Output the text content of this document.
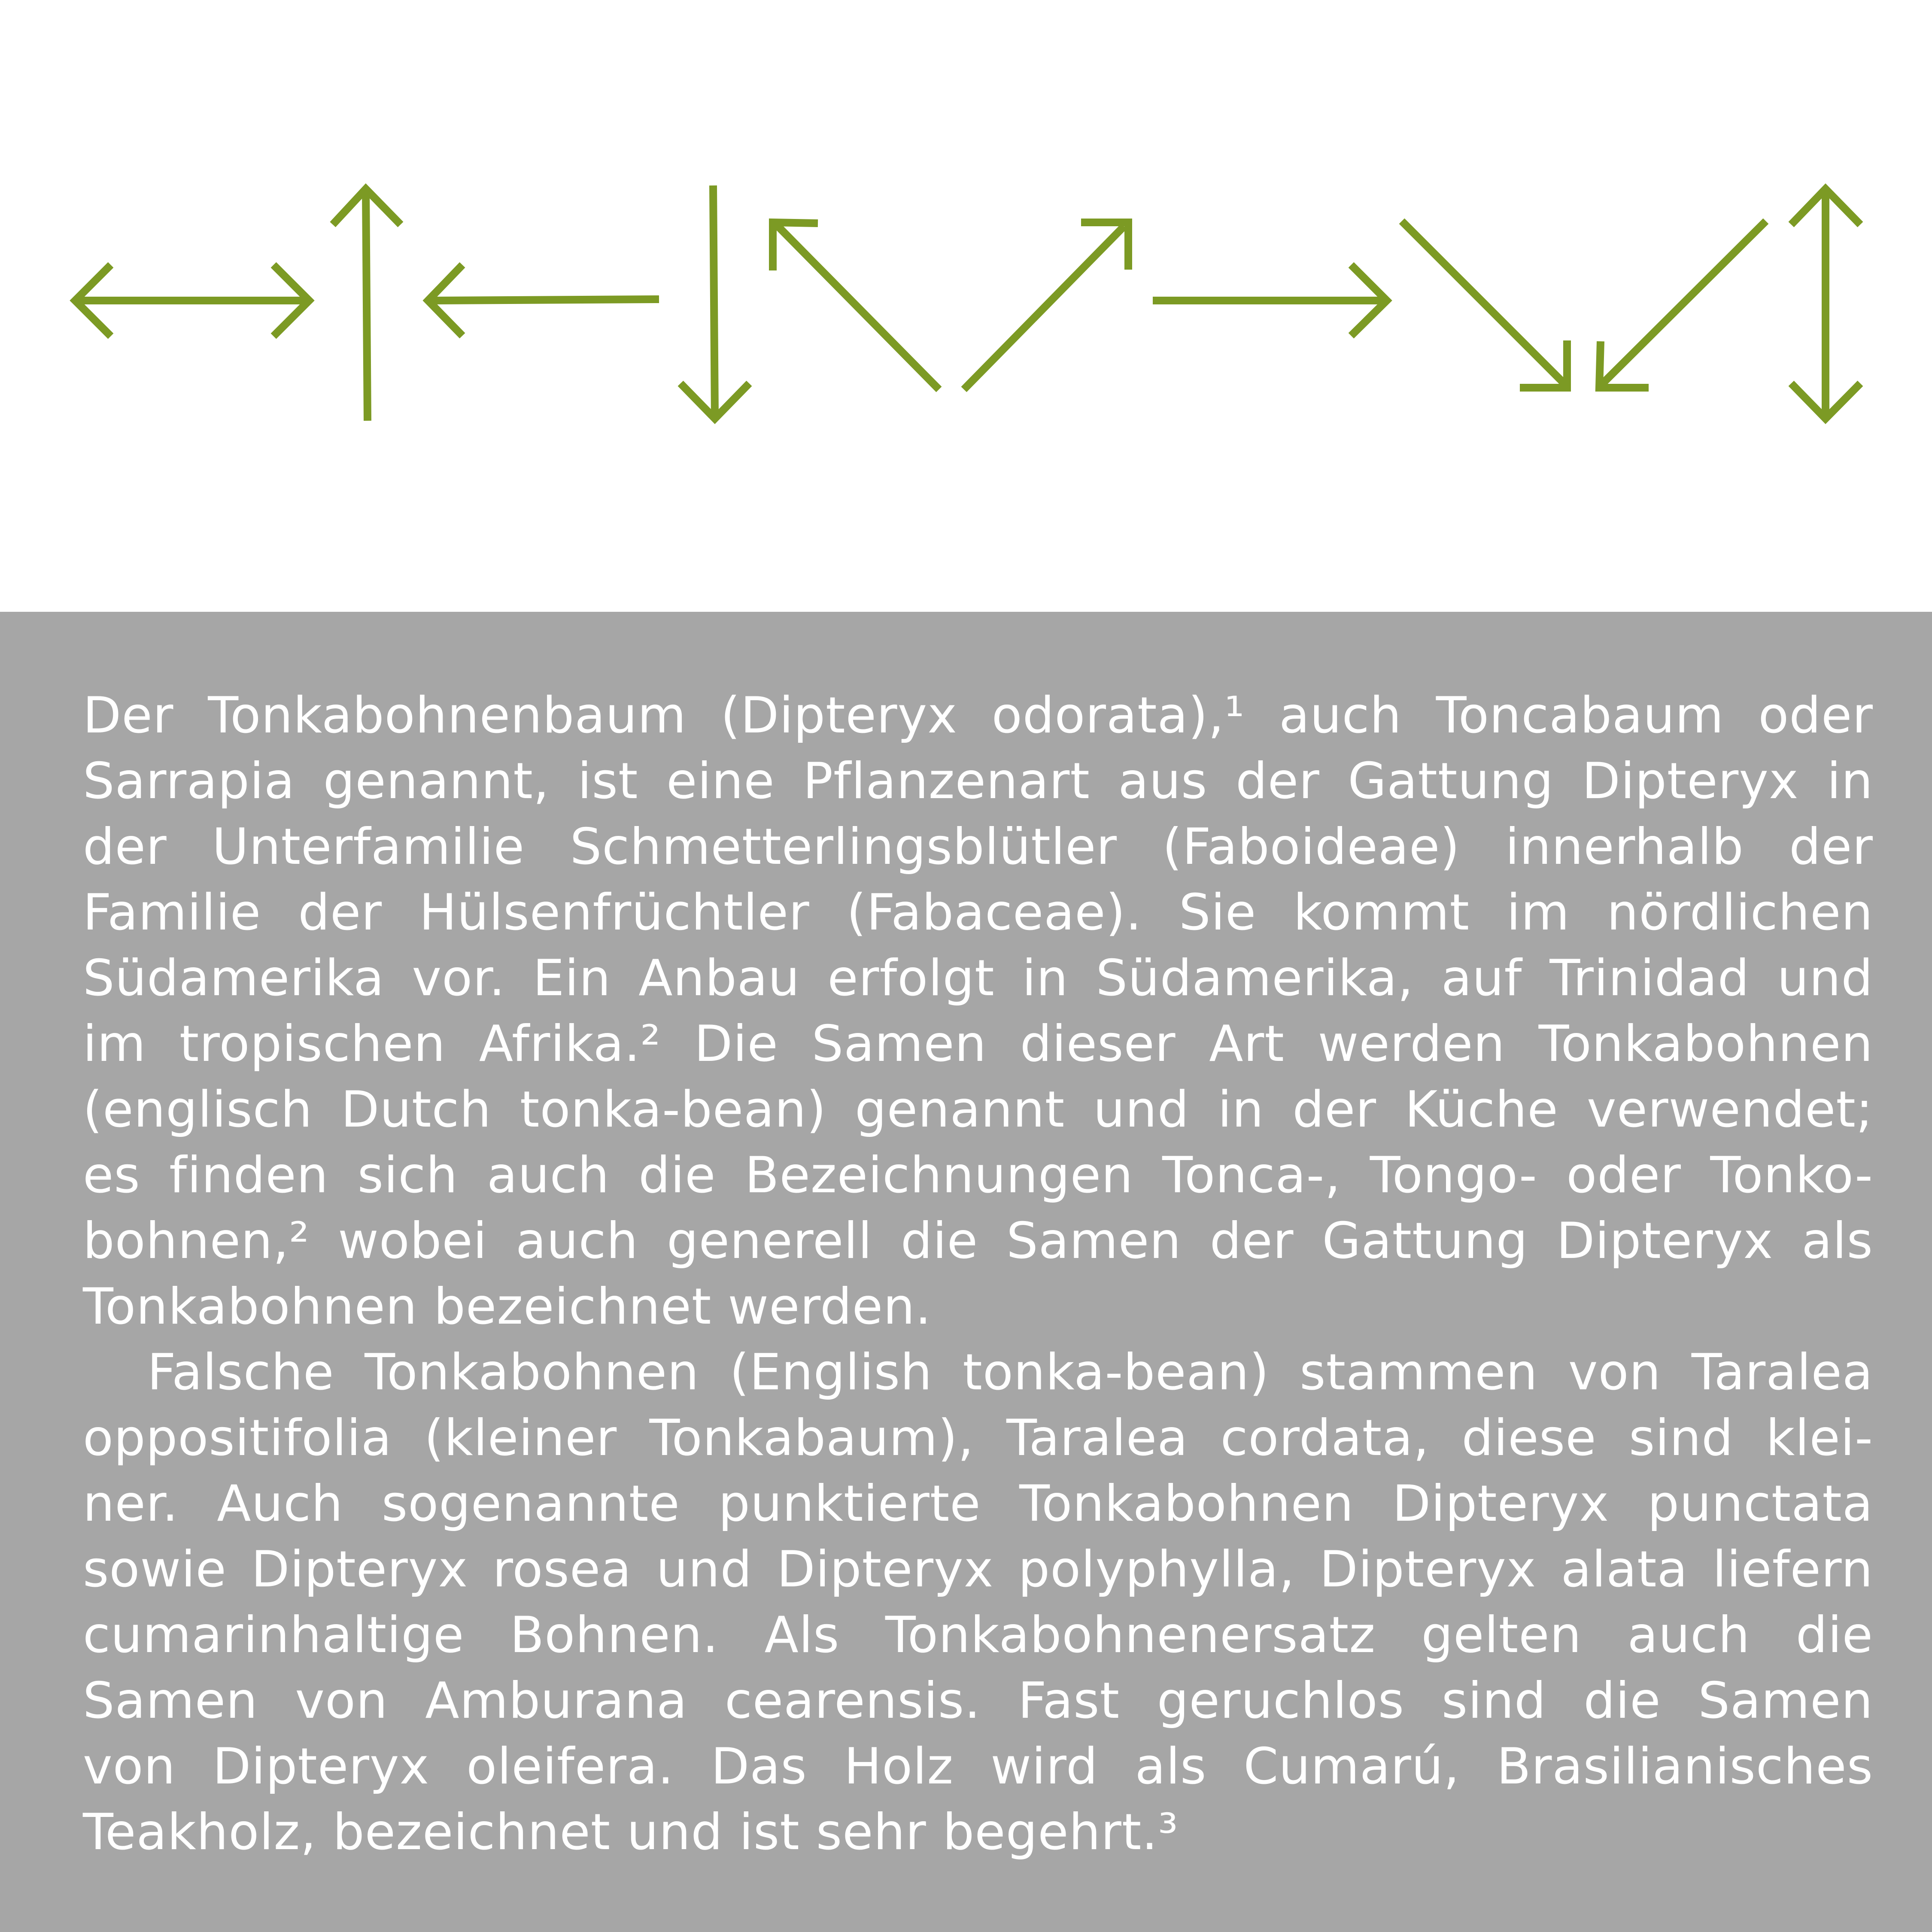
Der Tonkabohnenbaum (Dipteryx odorata),¹ auch Toncabaum oder
Sarrapia genannt, ist eine Pflanzenart aus der Gattung Dipteryx in
der Unterfamilie Schmetterlingsblütler (Faboideae) innerhalb der
Familie der Hülsenfrüchtler (Fabaceae). Sie kommt im nördlichen
Südamerika vor. Ein Anbau erfolgt in Südamerika, auf Trinidad und
im tropischen Afrika.² Die Samen dieser Art werden Tonkabohnen
(englisch Dutch tonka-bean) genannt und in der Küche verwendet;
es finden sich auch die Bezeichnungen Tonca-, Tongo- oder Tonko-
bohnen,² wobei auch generell die Samen der Gattung Dipteryx als
Tonkabohnen bezeichnet werden.
Falsche Tonkabohnen (English tonka-bean) stammen von Taralea
oppositifolia (kleiner Tonkabaum), Taralea cordata, diese sind klei-
ner. Auch sogenannte punktierte Tonkabohnen Dipteryx punctata
sowie Dipteryx rosea und Dipteryx polyphylla, Dipteryx alata liefern
cumarinhaltige Bohnen. Als Tonkabohnenersatz gelten auch die
Samen von Amburana cearensis. Fast geruchlos sind die Samen
von Dipteryx oleifera. Das Holz wird als Cumarú, Brasilianisches
Teakholz, bezeichnet und ist sehr begehrt.³
